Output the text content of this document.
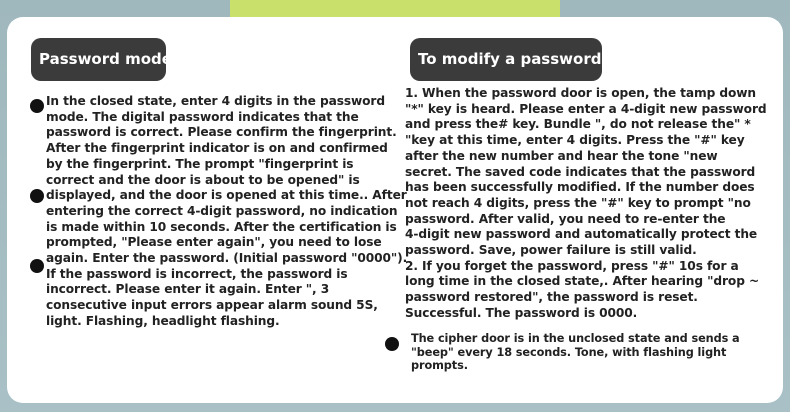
Password mode	To modify a password
In the closed state, enter 4 digits in the password
mode. The digital password indicates that the
password is correct. Please confirm the fingerprint.
After the fingerprint indicator is on and confirmed
by the fingerprint. The prompt "fingerprint is
correct and the door is about to be opened" is
displayed, and the door is opened at this time.. After
entering the correct 4-digit password, no indication
is made within 10 seconds. After the certification is
prompted, "Please enter again", you need to lose
again. Enter the password. (Initial password "0000").
If the password is incorrect, the password is
incorrect. Please enter it again. Enter ", 3
consecutive input errors appear alarm sound 5S,
light. Flashing, headlight flashing.
1. When the password door is open, the tamp down
"*" key is heard. Please enter a 4-digit new password
and press the# key. Bundle ", do not release the" *
"key at this time, enter 4 digits. Press the "#" key
after the new number and hear the tone "new
secret. The saved code indicates that the password
has been successfully modified. If the number does
not reach 4 digits, press the "#" key to prompt "no
password. After valid, you need to re-enter the
4-digit new password and automatically protect the
password. Save, power failure is still valid.
2. If you forget the password, press "#" 10s for a
long time in the closed state,. After hearing "drop ~
password restored", the password is reset.
Successful. The password is 0000.
The cipher door is in the unclosed state and sends a
"beep" every 18 seconds. Tone, with flashing light
prompts.
